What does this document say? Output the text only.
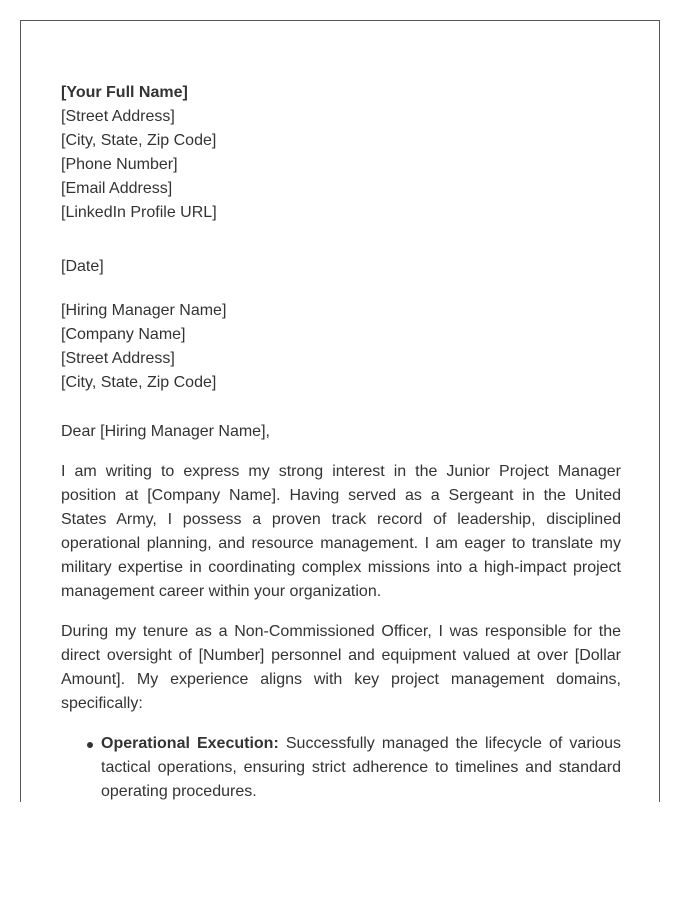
[Your Full Name]
[Street Address]
[City, State, Zip Code]
[Phone Number]
[Email Address]
[LinkedIn Profile URL]
[Date]
[Hiring Manager Name]
[Company Name]
[Street Address]
[City, State, Zip Code]

Dear [Hiring Manager Name],

I am writing to express my strong interest in the Junior Project Manager position at [Company Name]. Having served as a Sergeant in the United States Army, I possess a proven track record of leadership, disciplined operational planning, and resource management. I am eager to translate my military expertise in coordinating complex missions into a high-impact project management career within your organization.

During my tenure as a Non-Commissioned Officer, I was responsible for the direct oversight of [Number] personnel and equipment valued at over [Dollar Amount]. My experience aligns with key project management domains, specifically:

Operational Execution: Successfully managed the lifecycle of various tactical operations, ensuring strict adherence to timelines and standard operating procedures.
